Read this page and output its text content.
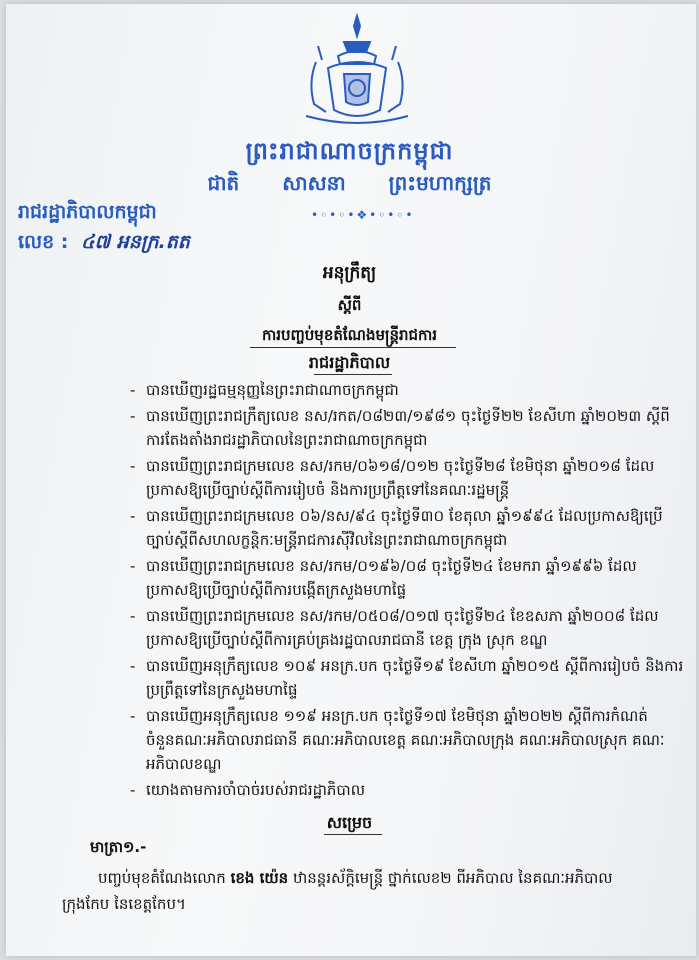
ព្រះរាជាណាចក្រកម្ពុជា
ជាតិ សាសនា ព្រះមហាក្សត្រ
•◦•◦•❖•◦•◦•
រាជរដ្ឋាភិបាលកម្ពុជា
លេខ : ៤៧ អនក្រ.តត
អនុក្រឹត្យ
ស្តីពី
ការបញ្ចប់មុខតំណែងមន្ត្រីរាជការ
រាជរដ្ឋាភិបាល
- បានឃើញរដ្ឋធម្មនុញ្ញនៃព្រះរាជាណាចក្រកម្ពុជា
- បានឃើញព្រះរាជក្រឹត្យលេខ នស/រកត/០៨២៣/១៩៨១ ចុះថ្ងៃទី២២ ខែសីហា ឆ្នាំ២០២៣ ស្តីពីការតែងតាំងរាជរដ្ឋាភិបាលនៃព្រះរាជាណាចក្រកម្ពុជា
- បានឃើញព្រះរាជក្រមលេខ នស/រកម/០៦១៨/០១២ ចុះថ្ងៃទី២៨ ខែមិថុនា ឆ្នាំ២០១៨ ដែលប្រកាសឱ្យប្រើច្បាប់ស្តីពីការរៀបចំ និងការប្រព្រឹត្តទៅនៃគណៈរដ្ឋមន្ត្រី
- បានឃើញព្រះរាជក្រមលេខ ០៦/នស/៩៤ ចុះថ្ងៃទី៣០ ខែតុលា ឆ្នាំ១៩៩៤ ដែលប្រកាសឱ្យប្រើច្បាប់ស្តីពីសហលក្ខន្តិកៈមន្ត្រីរាជការស៊ីវិលនៃព្រះរាជាណាចក្រកម្ពុជា
- បានឃើញព្រះរាជក្រមលេខ នស/រកម/០១៩៦/០៨ ចុះថ្ងៃទី២៤ ខែមករា ឆ្នាំ១៩៩៦ ដែលប្រកាសឱ្យប្រើច្បាប់ស្តីពីការបង្កើតក្រសួងមហាផ្ទៃ
- បានឃើញព្រះរាជក្រមលេខ នស/រកម/០៥០៨/០១៧ ចុះថ្ងៃទី២៤ ខែឧសភា ឆ្នាំ២០០៨ ដែលប្រកាសឱ្យប្រើច្បាប់ស្តីពីការគ្រប់គ្រងរដ្ឋបាលរាជធានី ខេត្ត ក្រុង ស្រុក ខណ្ឌ
- បានឃើញអនុក្រឹត្យលេខ ១០៩ អនក្រ.បក ចុះថ្ងៃទី១៩ ខែសីហា ឆ្នាំ២០១៥ ស្តីពីការរៀបចំ និងការប្រព្រឹត្តទៅនៃក្រសួងមហាផ្ទៃ
- បានឃើញអនុក្រឹត្យលេខ ១១៩ អនក្រ.បក ចុះថ្ងៃទី១៧ ខែមិថុនា ឆ្នាំ២០២២ ស្តីពីការកំណត់ចំនួនគណៈអភិបាលរាជធានី គណៈអភិបាលខេត្ត គណៈអភិបាលក្រុង គណៈអភិបាលស្រុក គណៈអភិបាលខណ្ឌ
- យោងតាមការចាំបាច់របស់រាជរដ្ឋាភិបាល
សម្រេច
មាត្រា១.-
បញ្ចប់មុខតំណែងលោក ខេង យ៉េន ឋានន្តរស័ក្តិមេន្ត្រី ថ្នាក់លេខ២ ពីអភិបាល នៃគណៈអភិបាល
ក្រុងកែប នៃខេត្តកែប។
